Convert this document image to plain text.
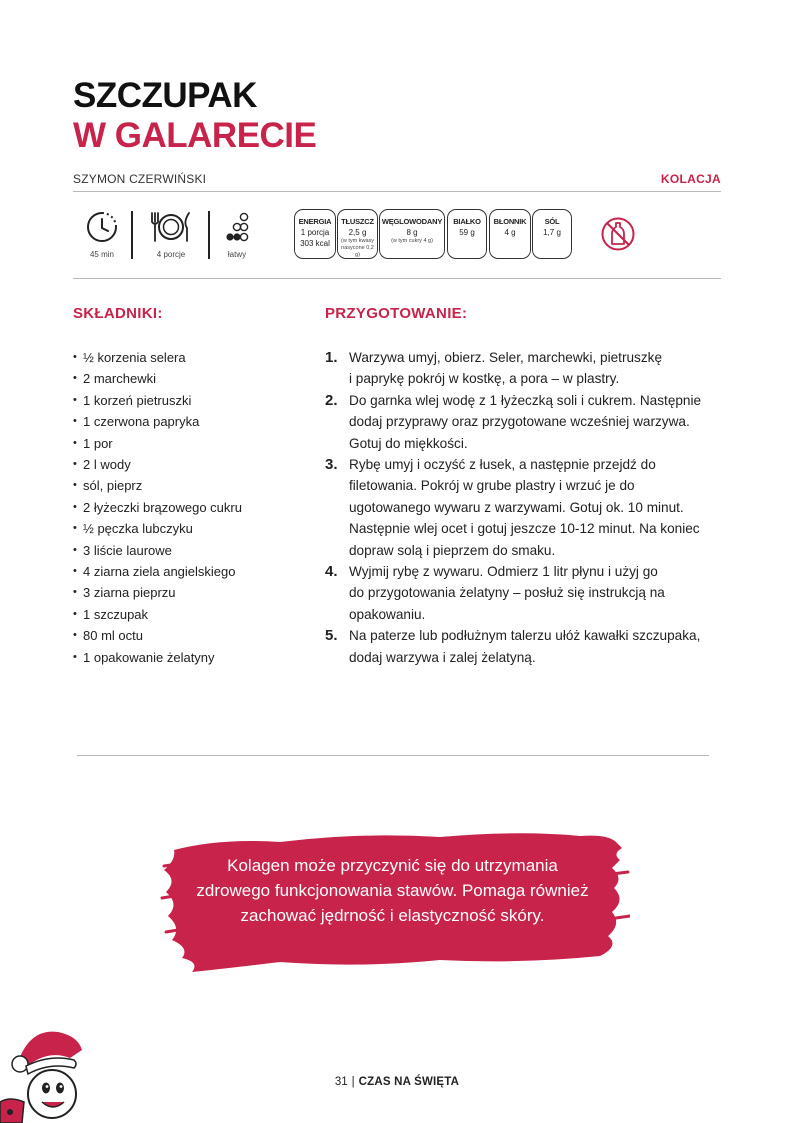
SZCZUPAK
W GALARECIE
SZYMON CZERWIŃSKI	KOLACJA
45 min	4 porcje	łatwy
ENERGIA
1 porcja
303 kcal
TŁUSZCZ
2,5 g
(w tym kwasy
nasycone 0,2 g)
WĘGLOWODANY
8 g
(w tym cukry 4 g)
BIAŁKO
59 g
BŁONNIK
4 g
SÓL
1,7 g
SKŁADNIKI:
• ½ korzenia selera
• 2 marchewki
• 1 korzeń pietruszki
• 1 czerwona papryka
• 1 por
• 2 l wody
• sól, pieprz
• 2 łyżeczki brązowego cukru
• ½ pęczka lubczyku
• 3 liście laurowe
• 4 ziarna ziela angielskiego
• 3 ziarna pieprzu
• 1 szczupak
• 80 ml octu
• 1 opakowanie żelatyny
PRZYGOTOWANIE:
1. Warzywa umyj, obierz. Seler, marchewki, pietruszkę
i paprykę pokrój w kostkę, a pora – w plastry.
2. Do garnka wlej wodę z 1 łyżeczką soli i cukrem. Następnie
dodaj przyprawy oraz przygotowane wcześniej warzywa.
Gotuj do miękkości.
3. Rybę umyj i oczyść z łusek, a następnie przejdź do
filetowania. Pokrój w grube plastry i wrzuć je do
ugotowanego wywaru z warzywami. Gotuj ok. 10 minut.
Następnie wlej ocet i gotuj jeszcze 10-12 minut. Na koniec
dopraw solą i pieprzem do smaku.
4. Wyjmij rybę z wywaru. Odmierz 1 litr płynu i użyj go
do przygotowania żelatyny – posłuż się instrukcją na
opakowaniu.
5. Na paterze lub podłużnym talerzu ułóż kawałki szczupaka,
dodaj warzywa i zalej żelatyną.
Kolagen może przyczynić się do utrzymania
zdrowego funkcjonowania stawów. Pomaga również
zachować jędrność i elastyczność skóry.
31 | CZAS NA ŚWIĘTA
